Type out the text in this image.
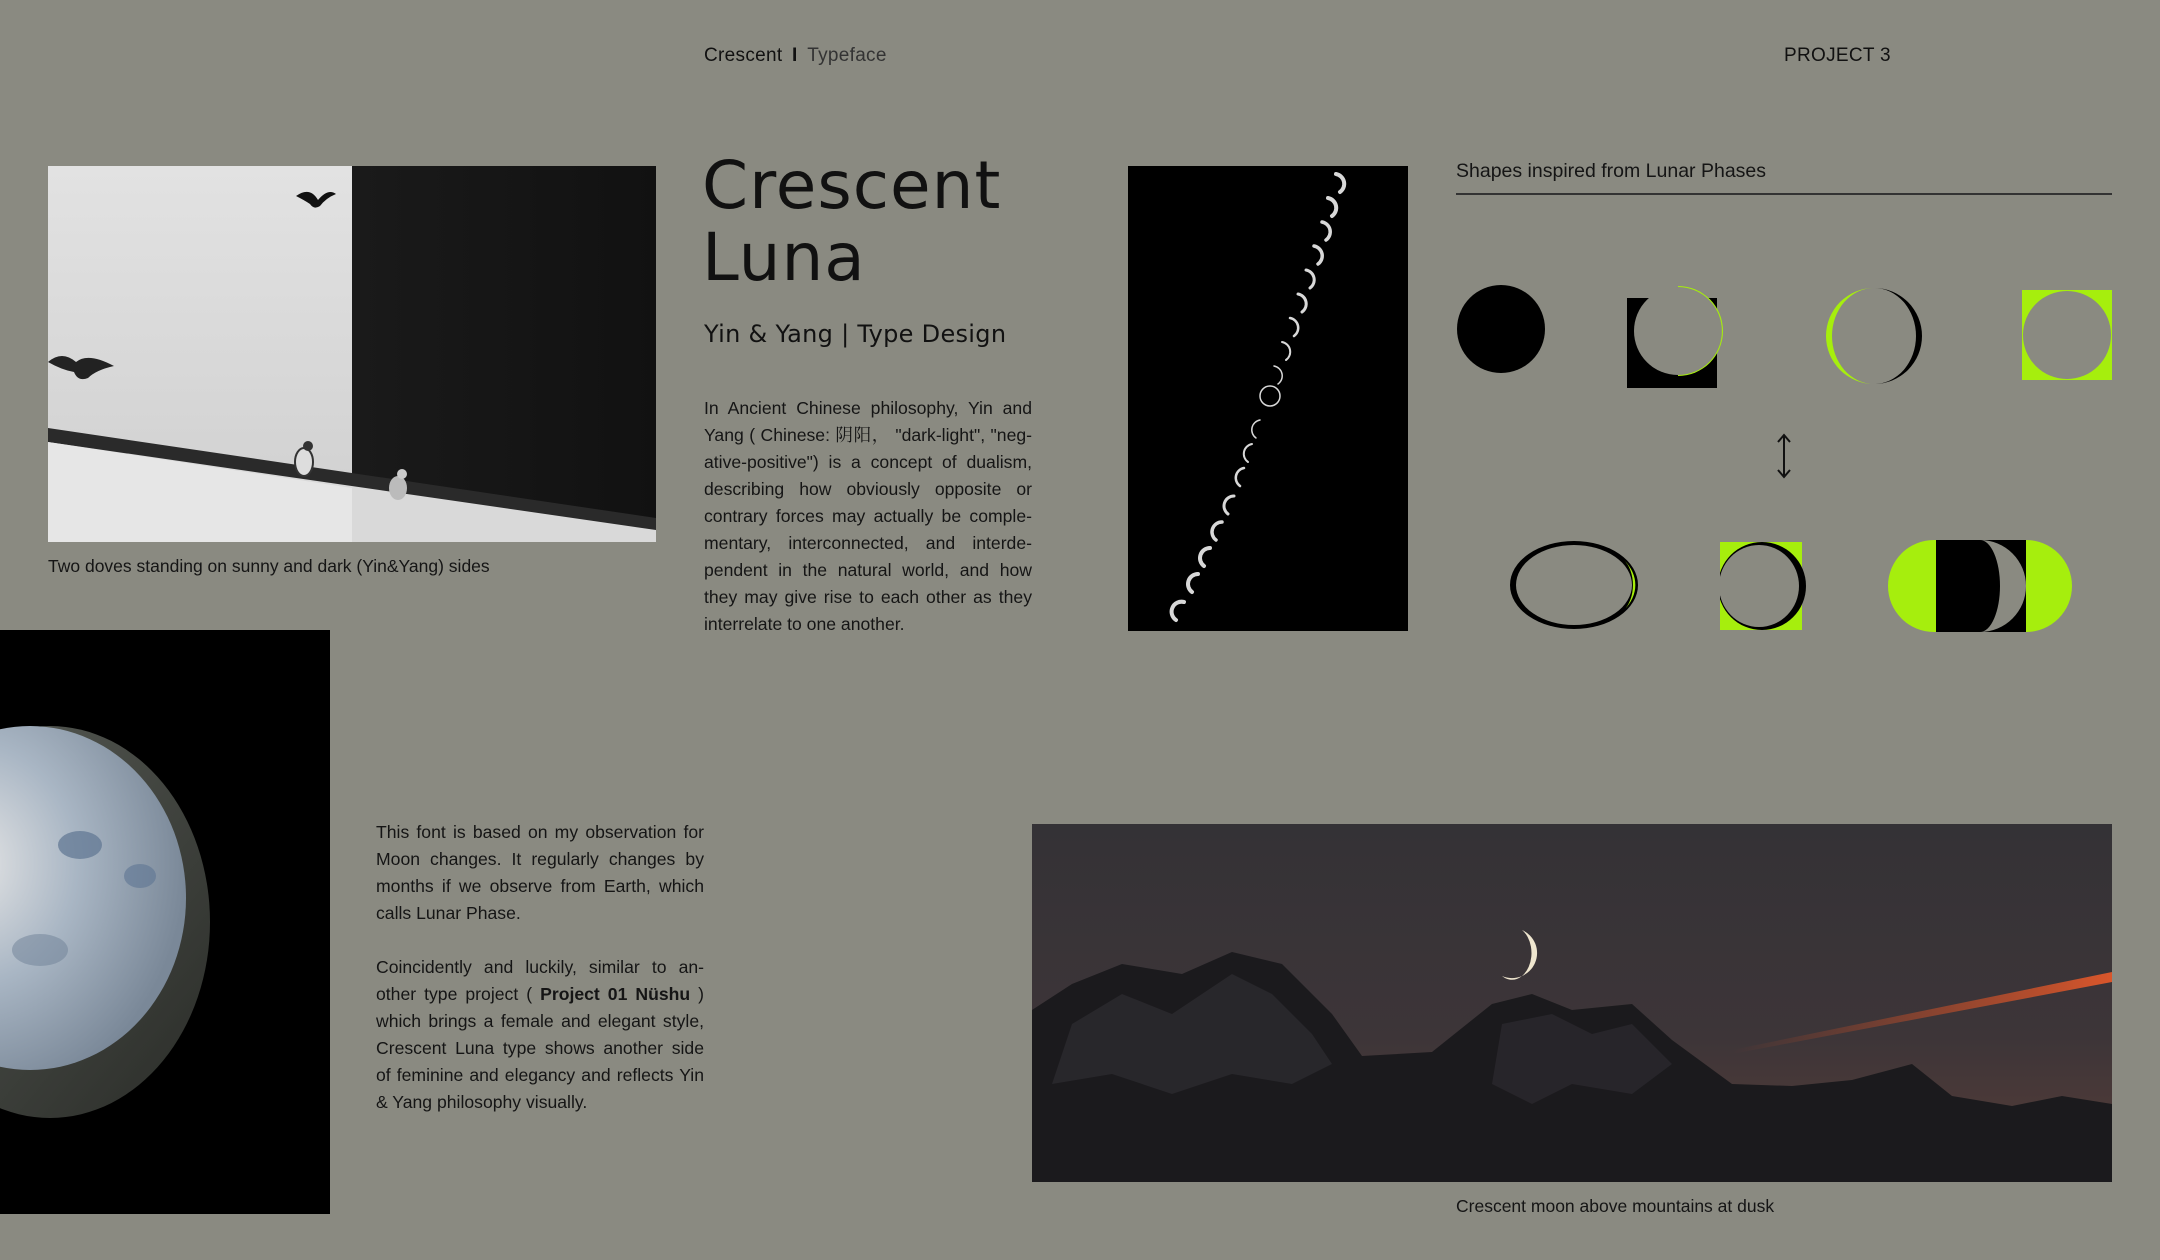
Crescent I Typeface	PROJECT 3
Two doves standing on sunny and dark (Yin&Yang) sides
Crescent
Luna
Yin & Yang | Type Design
In Ancient Chinese philosophy, Yin and Yang ( Chinese: 阴阳， "dark-light", "neg-ative-positive") is a concept of dualism, describing how obviously opposite or contrary forces may actually be comple-mentary, interconnected, and interde-pendent in the natural world, and how they may give rise to each other as they interrelate to one another.
Shapes inspired from Lunar Phases

This font is based on my observation for Moon changes. It regularly changes by months if we observe from Earth, which calls Lunar Phase.

Coincidently and luckily, similar to an-other type project ( Project 01 Nüshu ) which brings a female and elegant style, Crescent Luna type shows another side of feminine and elegancy and reflects Yin & Yang philosophy visually.

Crescent moon above mountains at dusk
